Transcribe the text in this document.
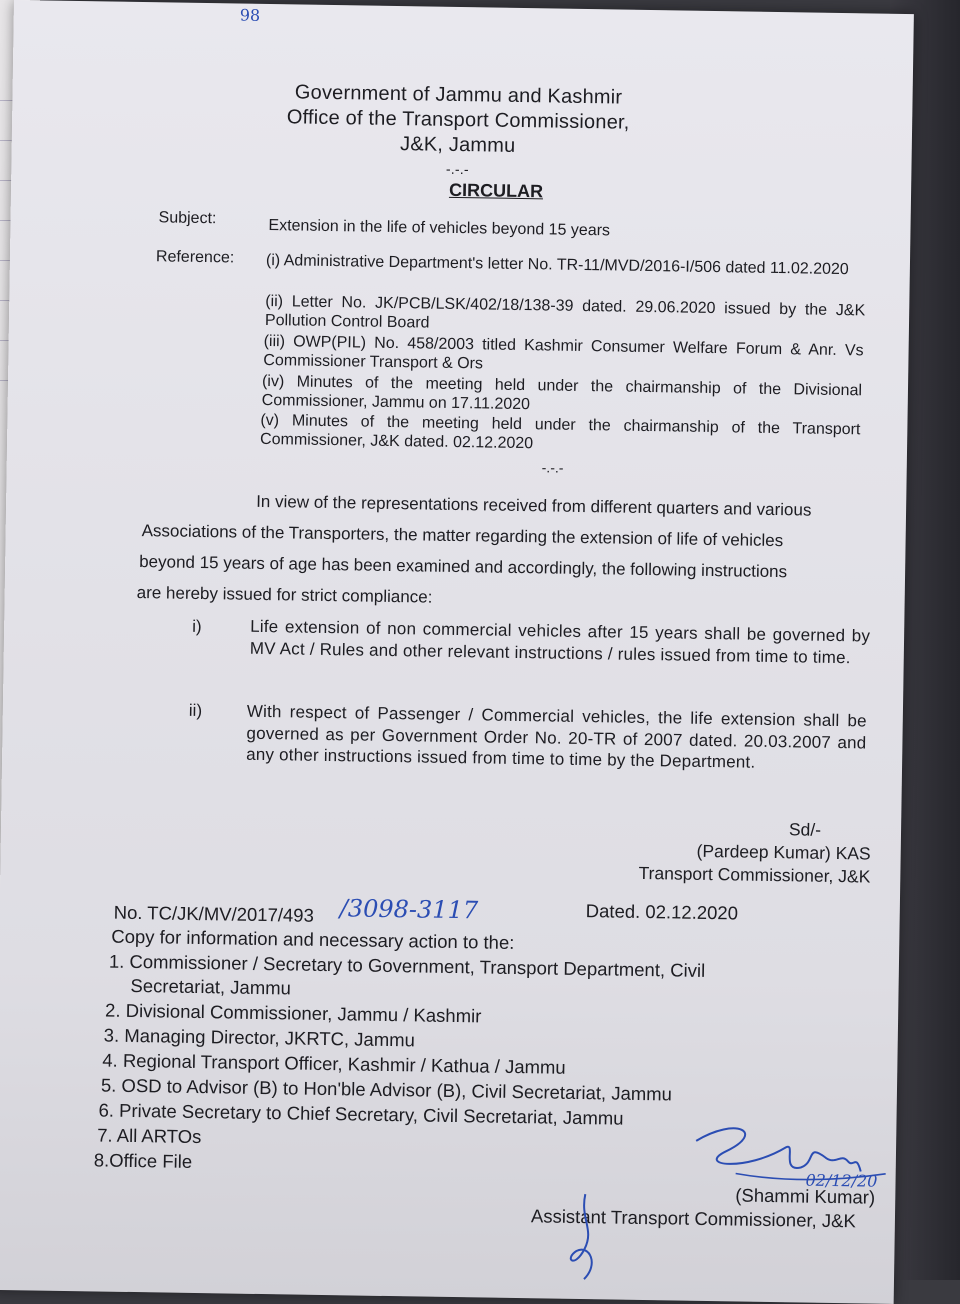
98
Government of Jammu and Kashmir
Office of the Transport Commissioner,
J&K, Jammu
-.-.-
CIRCULAR
Subject:	Extension in the life of vehicles beyond 15 years
Reference: (i) Administrative Department's letter No. TR-11/MVD/2016-I/506 dated 11.02.2020
(ii) Letter No. JK/PCB/LSK/402/18/138-39 dated. 29.06.2020 issued by the J&K Pollution Control Board
(iii) OWP(PIL) No. 458/2003 titled Kashmir Consumer Welfare Forum & Anr. Vs Commissioner Transport & Ors
(iv) Minutes of the meeting held under the chairmanship of the Divisional Commissioner, Jammu on 17.11.2020
(v) Minutes of the meeting held under the chairmanship of the Transport Commissioner, J&K dated. 02.12.2020
-.-.-
In view of the representations received from different quarters and various
Associations of the Transporters, the matter regarding the extension of life of vehicles
beyond 15 years of age has been examined and accordingly, the following instructions
are hereby issued for strict compliance:
i)	Life extension of non commercial vehicles after 15 years shall be governed by MV Act / Rules and other relevant instructions / rules issued from time to time.
ii)	With respect of Passenger / Commercial vehicles, the life extension shall be governed as per Government Order No. 20-TR of 2007 dated. 20.03.2007 and any other instructions issued from time to time by the Department.
Sd/-
(Pardeep Kumar) KAS
Transport Commissioner, J&K
No. TC/JK/MV/2017/493 /3098-3117	Dated. 02.12.2020
Copy for information and necessary action to the:
1. Commissioner / Secretary to Government, Transport Department, Civil
Secretariat, Jammu
2. Divisional Commissioner, Jammu / Kashmir
3. Managing Director, JKRTC, Jammu
4. Regional Transport Officer, Kashmir / Kathua / Jammu
5. OSD to Advisor (B) to Hon'ble Advisor (B), Civil Secretariat, Jammu
6. Private Secretary to Chief Secretary, Civil Secretariat, Jammu
7. All ARTOs
8.Office File
02/12/20
(Shammi Kumar)
Assistant Transport Commissioner, J&K
